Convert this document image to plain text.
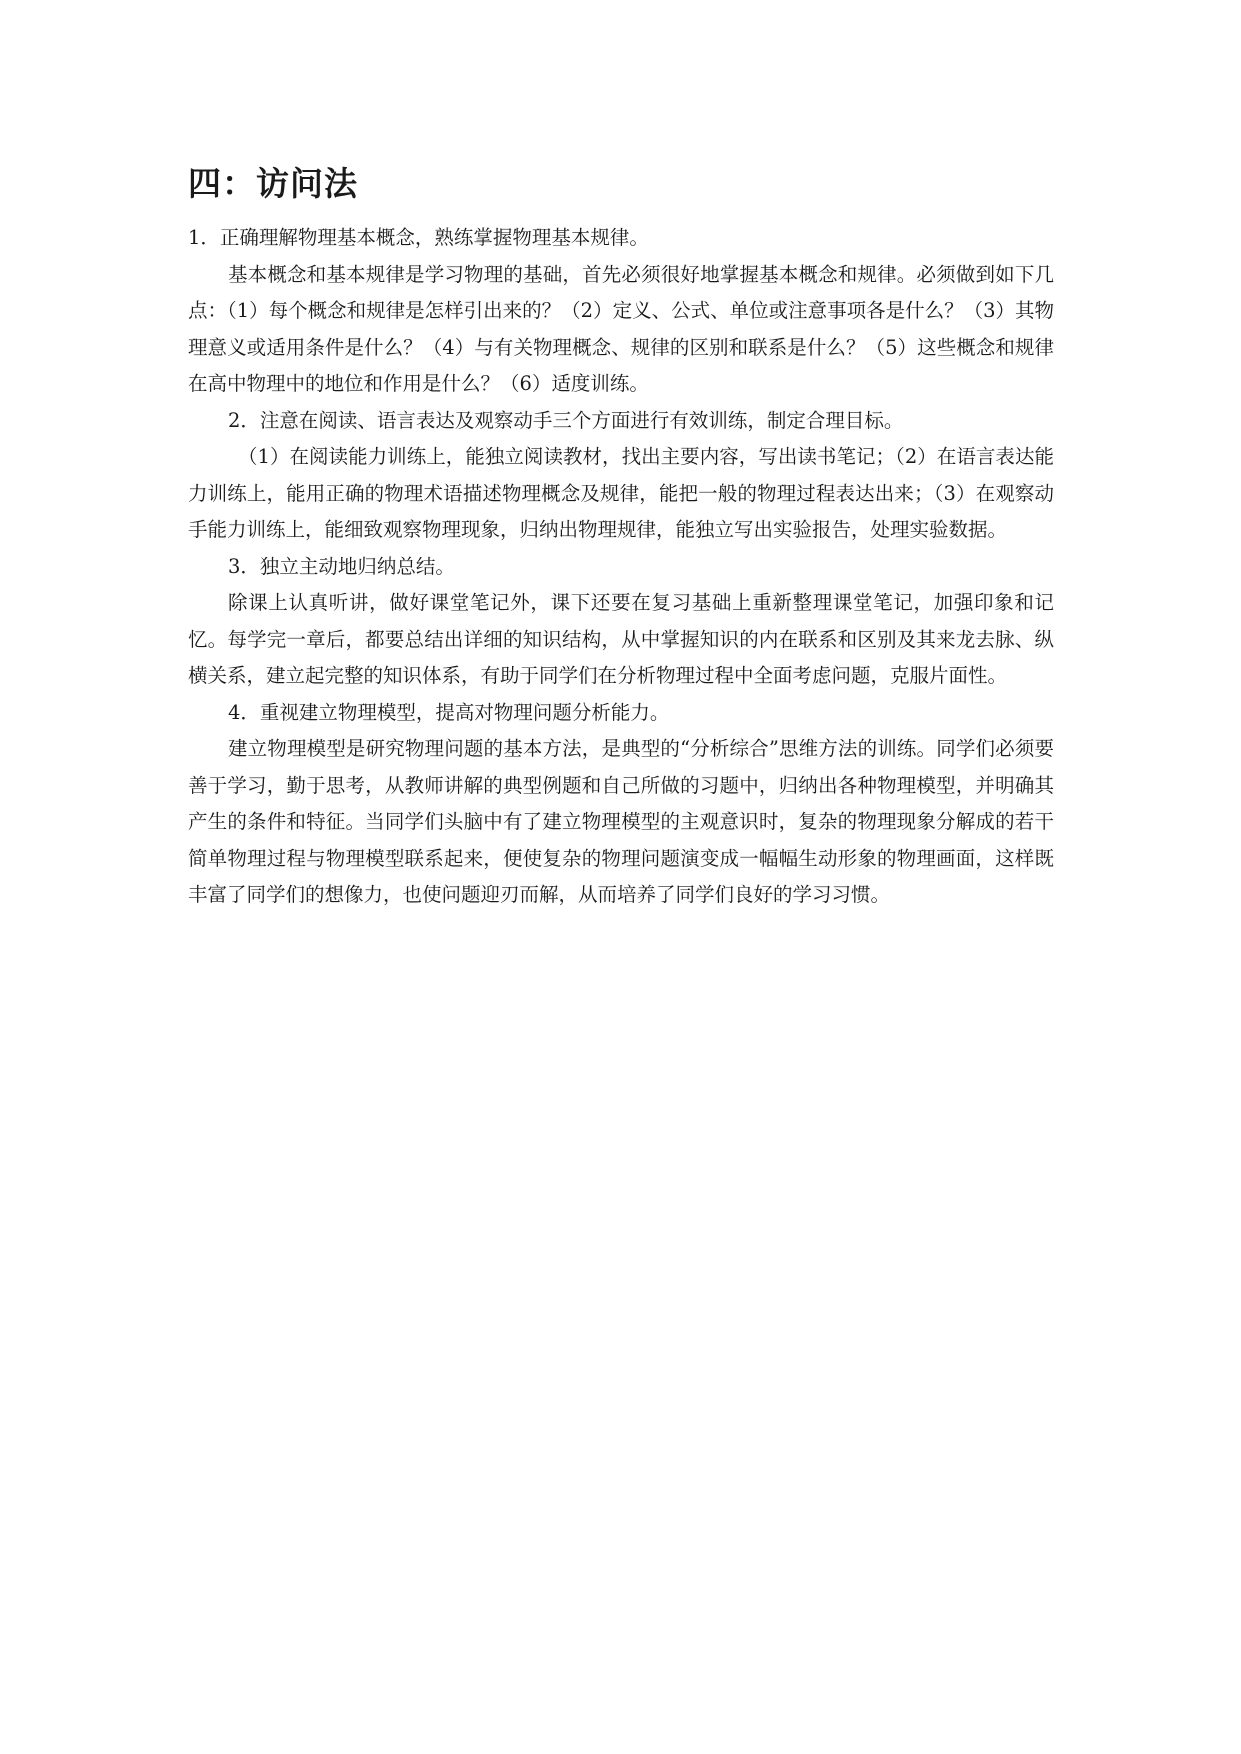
四：访问法

1．正确理解物理基本概念，熟练掌握物理基本规律。

基本概念和基本规律是学习物理的基础，首先必须很好地掌握基本概念和规律。必须做到如下几点：（1）每个概念和规律是怎样引出来的？（2）定义、公式、单位或注意事项各是什么？（3）其物理意义或适用条件是什么？（4）与有关物理概念、规律的区别和联系是什么？（5）这些概念和规律在高中物理中的地位和作用是什么？（6）适度训练。

2．注意在阅读、语言表达及观察动手三个方面进行有效训练，制定合理目标。

（1）在阅读能力训练上，能独立阅读教材，找出主要内容，写出读书笔记；（2）在语言表达能力训练上，能用正确的物理术语描述物理概念及规律，能把一般的物理过程表达出来；（3）在观察动手能力训练上，能细致观察物理现象，归纳出物理规律，能独立写出实验报告，处理实验数据。

3．独立主动地归纳总结。

除课上认真听讲，做好课堂笔记外，课下还要在复习基础上重新整理课堂笔记，加强印象和记忆。每学完一章后，都要总结出详细的知识结构，从中掌握知识的内在联系和区别及其来龙去脉、纵横关系，建立起完整的知识体系，有助于同学们在分析物理过程中全面考虑问题，克服片面性。

4．重视建立物理模型，提高对物理问题分析能力。

建立物理模型是研究物理问题的基本方法，是典型的“分析综合”思维方法的训练。同学们必须要善于学习，勤于思考，从教师讲解的典型例题和自己所做的习题中，归纳出各种物理模型，并明确其产生的条件和特征。当同学们头脑中有了建立物理模型的主观意识时，复杂的物理现象分解成的若干简单物理过程与物理模型联系起来，便使复杂的物理问题演变成一幅幅生动形象的物理画面，这样既丰富了同学们的想像力，也使问题迎刃而解，从而培养了同学们良好的学习习惯。
